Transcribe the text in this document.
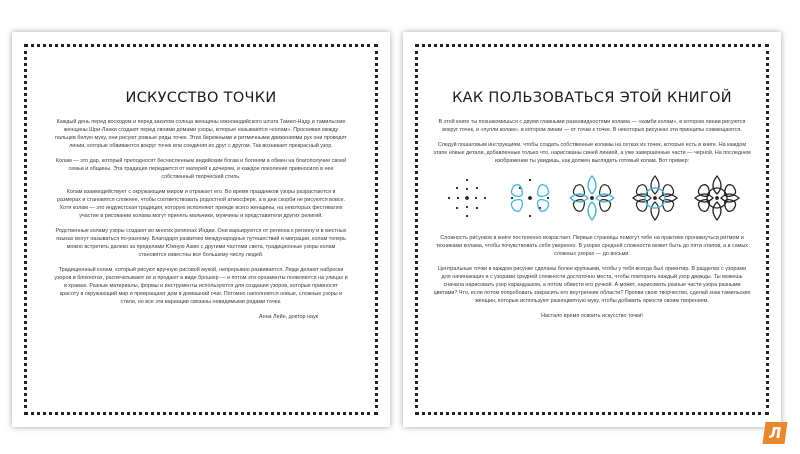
ИСКУССТВО ТОЧКИ

Каждый день перед восходом и перед закатом солнца женщины южноиндийского штата Тамил-Наду и тамильские женщины Шри-Ланки создают перед своими домами узоры, которые называются «колам». Просеивая между пальцев белую муку, они рисуют ровные ряды точек. Этих бережными и ритмичными движениями рук они проводят линии, которые обвиваются вокруг точек или соединяя их друг с другом. Так возникает прекрасный узор.

Колам — это дар, который преподносят бесчисленным индийским богам и богиням в обмен на благополучие своей семьи и общины. Эта традиция передается от матерей к дочерям, и каждое поколение привносило в нее собственный творческий стиль.

Колам взаимодействует с окружающим миром и отражает его. Во время праздников узоры разрастаются в размерах и становятся сложнее, чтобы соответствовать родостной атмосфере, а в дни скорби не рисуются вовсе. Хотя колам — это индуистская традиция, которую исполняют прежде всего женщины, на некоторых фестивалях участие в рисовании колама могут принять мальчики, мужчины и представители других религий.

Родственные коламу узоры создают во многих регионах Индии. Они варьируются от региона к региону и в местных языках могут называться по-разному. Благодаря развитию международных путешествий и миграции, колам теперь можно встретить далеко за пределами Южную Азию с другими частями света, традиционные узоры колам становятся известны все большему числу людей.

Традиционный колам, который рисуют вручную рисовой мукой, непрерывно развивается. Люди делают наброски узоров в блокнотах, распечатывают их и продают в виде брошюр — и потом эти орнаменты появляются на улицах и в храмах. Разные материалы, формы и инструменты используются для создания узоров, которые привносят красоту в окружающий мир и превращают дом в домашний очаг. Потомно наполняется новые, сложные узоры и стили, но все эти вариации связаны невидимыми рядами точек.

Анна Лейн, доктор наук

КАК ПОЛЬЗОВАТЬСЯ ЭТОЙ КНИГОЙ

В этой книге ты познакомишься с двумя главными разновидностями колама — «камби колам», в котором линии рисуются вокруг точек, и «пулли колам», в котором линии — от точки к точке. В некоторых рисунках эти принципы совмещаются.

Следуй пошаговым инструкциям, чтобы создать собственные коламы на сетках из точек, которые есть в книге. На каждом этапе новые детали, добавленные только что, нарисованы синей линией, а уже завершенные части — черной. На последнем изображении ты увидишь, как должен выглядеть готовый колам. Вот пример:

Сложность рисунков в книге постепенно возрастает. Первые страницы помогут тебе на практике проникнуться ритмом и техниками колама, чтобы почувствовать себя уверенно. В узорах средней сложности может быть до пяти этапов, а в самых сложных узорах — до восьми.

Центральные точки в каждом рисунке сделаны более крупными, чтобы у тебя всегда был ориентир. В разделах с узорами для начинающих и с узорами средней сложности достаточно места, чтобы повторить каждый узор дважды. Ты можешь сначала нарисовать узор карандашом, а потом обвести его ручкой. А может, нарисовать разные части узора разными цветами? Что, если потом попробовать закрасить его внутренние области? Прояви свою творчество, сделай знак тамильских женщин, которые используют разноцветную муку, чтобы добавить яркости своим творениям.

Настало время освоить искусство точки!

Л
